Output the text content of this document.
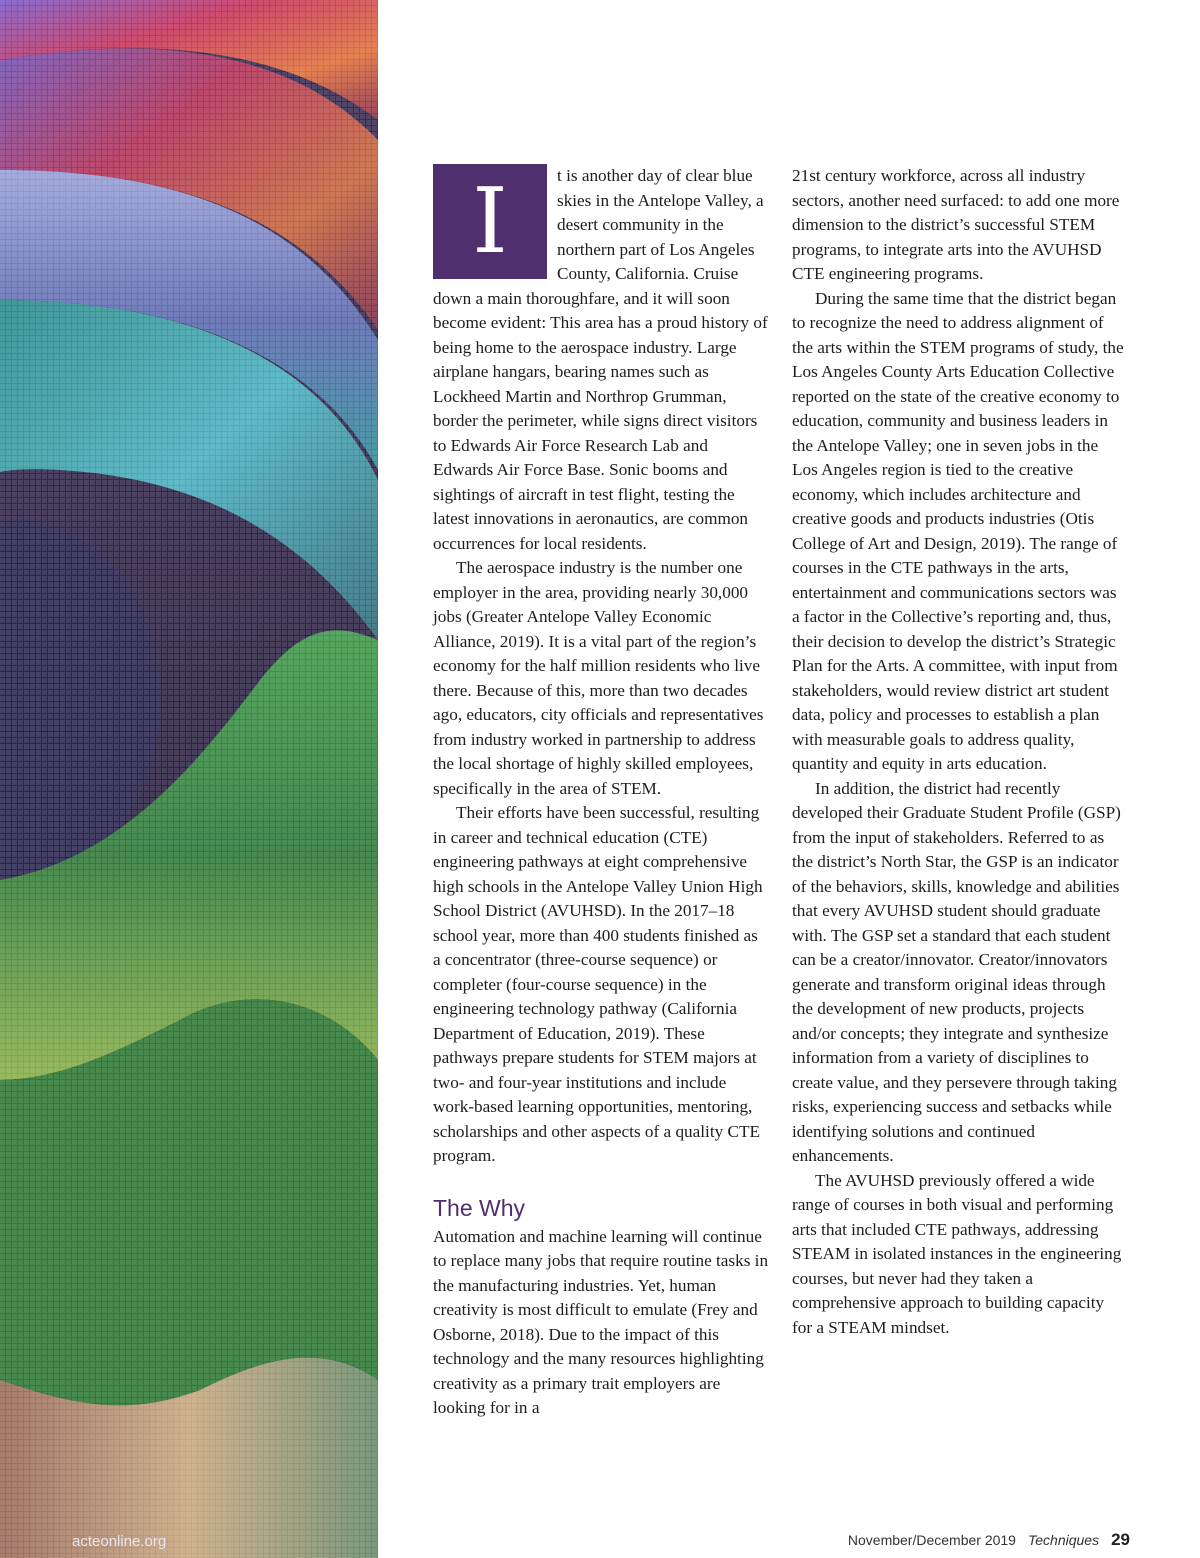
acteonline.org
I	t is another day of clear blue skies in the Antelope Valley, a desert community in the northern part of Los Angeles County, California. Cruise down a main thoroughfare, and it will soon become evident: This area has a proud history of being home to the aerospace industry. Large airplane hangars, bearing names such as Lockheed Martin and Northrop Grumman, border the perimeter, while signs direct visitors to Edwards Air Force Research Lab and Edwards Air Force Base. Sonic booms and sightings of aircraft in test flight, testing the latest innovations in aeronautics, are common occurrences for local residents.

The aerospace industry is the number one employer in the area, providing nearly 30,000 jobs (Greater Antelope Valley Economic Alliance, 2019). It is a vital part of the region’s economy for the half million residents who live there. Because of this, more than two decades ago, educators, city officials and representatives from industry worked in partnership to address the local shortage of highly skilled employees, specifically in the area of STEM.

Their efforts have been successful, resulting in career and technical education (CTE) engineering pathways at eight comprehensive high schools in the Antelope Valley Union High School District (AVUHSD). In the 2017–18 school year, more than 400 students finished as a concentrator (three-course sequence) or completer (four-course sequence) in the engineering technology pathway (California Department of Education, 2019). These pathways prepare students for STEM majors at two- and four-year institutions and include work-based learning opportunities, mentoring, scholarships and other aspects of a quality CTE program.

The Why

Automation and machine learning will continue to replace many jobs that require routine tasks in the manufacturing industries. Yet, human creativity is most difficult to emulate (Frey and Osborne, 2018). Due to the impact of this technology and the many resources highlighting creativity as a primary trait employers are looking for in a

21st century workforce, across all industry sectors, another need surfaced: to add one more dimension to the district’s successful STEM programs, to integrate arts into the AVUHSD CTE engineering programs.

During the same time that the district began to recognize the need to address alignment of the arts within the STEM programs of study, the Los Angeles County Arts Education Collective reported on the state of the creative economy to education, community and business leaders in the Antelope Valley; one in seven jobs in the Los Angeles region is tied to the creative economy, which includes architecture and creative goods and products industries (Otis College of Art and Design, 2019). The range of courses in the CTE pathways in the arts, entertainment and communications sectors was a factor in the Collective’s reporting and, thus, their decision to develop the district’s Strategic Plan for the Arts. A committee, with input from stakeholders, would review district art student data, policy and processes to establish a plan with measurable goals to address quality, quantity and equity in arts education.

In addition, the district had recently developed their Graduate Student Profile (GSP) from the input of stakeholders. Referred to as the district’s North Star, the GSP is an indicator of the behaviors, skills, knowledge and abilities that every AVUHSD student should graduate with. The GSP set a standard that each student can be a creator/innovator. Creator/innovators generate and transform original ideas through the development of new products, projects and/or concepts; they integrate and synthesize information from a variety of disciplines to create value, and they persevere through taking risks, experiencing success and setbacks while identifying solutions and continued enhancements.

The AVUHSD previously offered a wide range of courses in both visual and performing arts that included CTE pathways, addressing STEAM in isolated instances in the engineering courses, but never had they taken a comprehensive approach to building capacity for a STEAM mindset.

November/December 2019 Techniques 29
